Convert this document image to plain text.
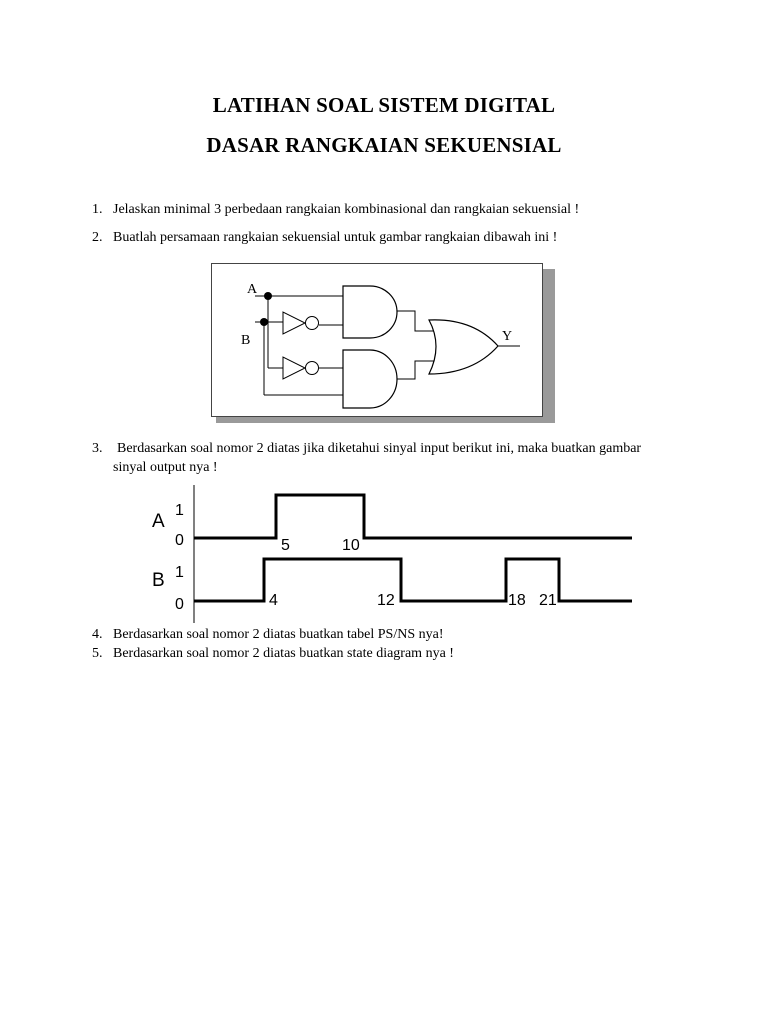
LATIHAN SOAL SISTEM DIGITAL
DASAR RANGKAIAN SEKUENSIAL
1. Jelaskan minimal 3 perbedaan rangkaian kombinasional dan rangkaian sekuensial !
2. Buatlah persamaan rangkaian sekuensial untuk gambar rangkaian dibawah ini !
A
B	Y
3. Berdasarkan soal nomor 2 diatas jika diketahui sinyal input berikut ini, maka buatkan gambar
sinyal output nya !
A
B
1
0
1
0
5	10
4	12	18 21
4. Berdasarkan soal nomor 2 diatas buatkan tabel PS/NS nya!
5. Berdasarkan soal nomor 2 diatas buatkan state diagram nya !
